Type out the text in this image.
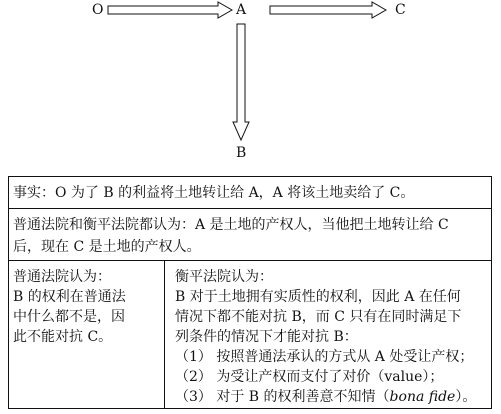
O	A	C
B
事实：O 为了 B 的利益将土地转让给 A，A 将该土地卖给了 C。
普通法院和衡平法院都认为：A 是土地的产权人，当他把土地转让给 C
后，现在 C 是土地的产权人。
普通法院认为：
B 的权利在普通法
中什么都不是，因
此不能对抗 C。
衡平法院认为：
B 对于土地拥有实质性的权利，因此 A 在任何
情况下都不能对抗 B，而 C 只有在同时满足下
列条件的情况下才能对抗 B：
（1） 按照普通法承认的方式从 A 处受让产权；
（2） 为受让产权而支付了对价（value）；
（3） 对于 B 的权利善意不知情（bona fide）。
